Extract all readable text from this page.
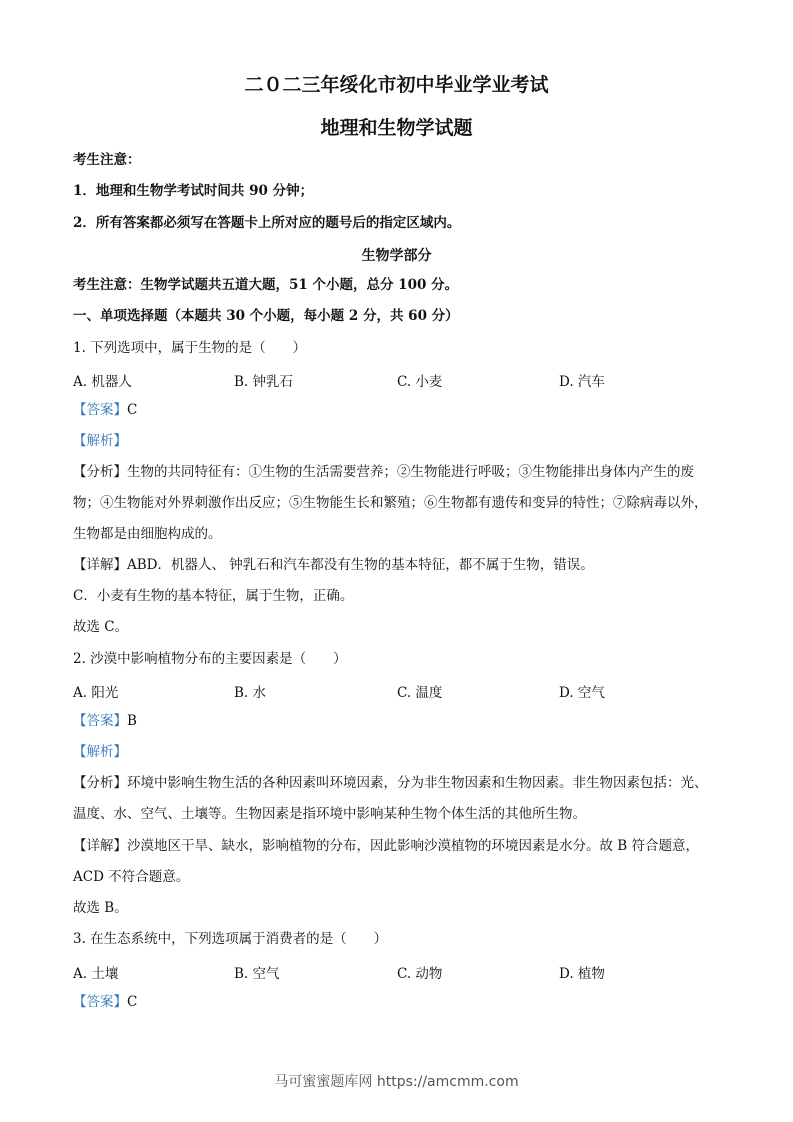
二０二三年绥化市初中毕业学业考试
地理和生物学试题
考生注意：
1．地理和生物学考试时间共 90 分钟；
2．所有答案都必须写在答题卡上所对应的题号后的指定区域内。
生物学部分
考生注意：生物学试题共五道大题，51 个小题，总分 100 分。
一、单项选择题（本题共 30 个小题，每小题 2 分，共 60 分）
1. 下列选项中，属于生物的是（　　）
A. 机器人	B. 钟乳石	C. 小麦	D. 汽车
【答案】C
【解析】
【分析】生物的共同特征有：①生物的生活需要营养；②生物能进行呼吸；③生物能排出身体内产生的废
物；④生物能对外界刺激作出反应；⑤生物能生长和繁殖；⑥生物都有遗传和变异的特性；⑦除病毒以外，
生物都是由细胞构成的。
【详解】ABD．机器人、 钟乳石和汽车都没有生物的基本特征，都不属于生物，错误。
C．小麦有生物的基本特征，属于生物，正确。
故选 C。
2. 沙漠中影响植物分布的主要因素是（　　）
A. 阳光	B. 水	C. 温度	D. 空气
【答案】B
【解析】
【分析】环境中影响生物生活的各种因素叫环境因素，分为非生物因素和生物因素。非生物因素包括：光、
温度、水、空气、土壤等。生物因素是指环境中影响某种生物个体生活的其他所生物。
【详解】沙漠地区干旱、缺水，影响植物的分布，因此影响沙漠植物的环境因素是水分。故 B 符合题意，
ACD 不符合题意。
故选 B。
3. 在生态系统中，下列选项属于消费者的是（　　）
A. 土壤	B. 空气	C. 动物	D. 植物
【答案】C
马可蜜蜜题库网 https://amcmm.com
